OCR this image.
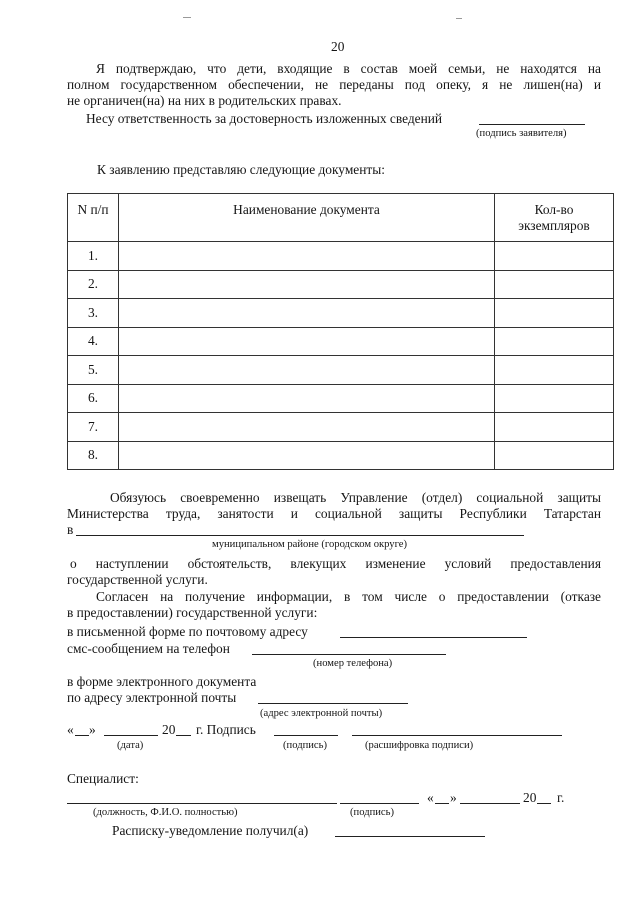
20
Я подтверждаю, что дети, входящие в состав моей семьи, не находятся на
полном государственном обеспечении, не переданы под опеку, я не лишен(на) и
не органичен(на) на них в родительских правах.
Несу ответственность за достоверность изложенных сведений
(подпись заявителя)
К заявлению представляю следующие документы:
N п/п	Наименование документа	Кол-во
экземпляров
1.		
2.		
3.		
4.		
5.		
6.		
7.		
8.		
Обязуюсь своевременно извещать Управление (отдел) социальной защиты
Министерства труда, занятости и социальной защиты Республики Татарстан
в
муниципальном районе (городском округе)
о наступлении обстоятельств, влекущих изменение условий предоставления
государственной услуги.
Согласен на получение информации, в том числе о предоставлении (отказе
в предоставлении) государственной услуги:
в письменной форме по почтовому адресу
смс-сообщением на телефон
(номер телефона)
в форме электронного документа
по адресу электронной почты
(адрес электронной почты)
« »	20 г. Подпись
(дата)	(подпись)	(расшифровка подписи)
Специалист:
« »	20 г.
(должность, Ф.И.О. полностью)	(подпись)
Расписку-уведомление получил(а)
